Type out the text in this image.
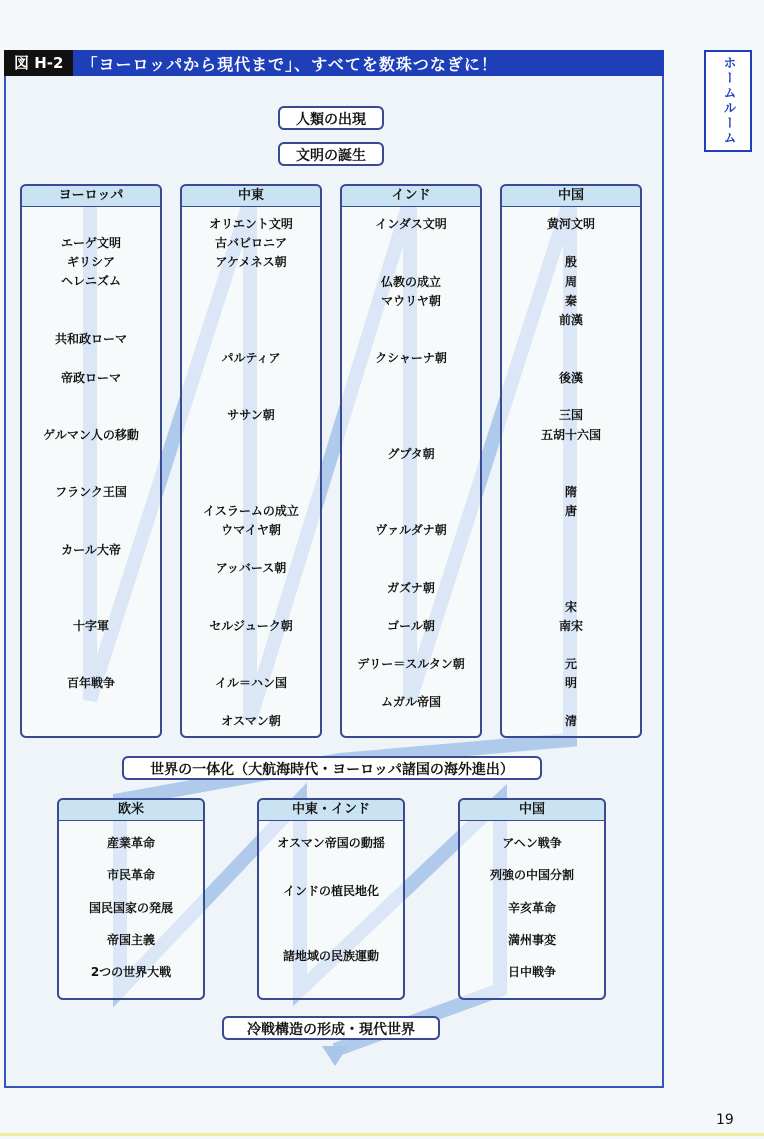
図 H-2	「ヨーロッパから現代まで」、すべてを数珠つなぎに！	ホームルーム
人類の出現
文明の誕生
ヨーロッパ
エーゲ文明
ギリシア
ヘレニズム
共和政ローマ
帝政ローマ
ゲルマン人の移動
フランク王国
カール大帝
十字軍
百年戦争
中東
オリエント文明
古バビロニア
アケメネス朝
パルティア
ササン朝
イスラームの成立
ウマイヤ朝
アッバース朝
セルジューク朝
イル＝ハン国
オスマン朝
インド
インダス文明
仏教の成立
マウリヤ朝
クシャーナ朝
グプタ朝
ヴァルダナ朝
ガズナ朝
ゴール朝
デリー＝スルタン朝
ムガル帝国
中国
黄河文明
殷
周
秦
前漢
後漢
三国
五胡十六国
隋
唐
宋
南宋
元
明
清
世界の一体化（大航海時代・ヨーロッパ諸国の海外進出）
欧米
産業革命
市民革命
国民国家の発展
帝国主義
2つの世界大戦
中東・インド
オスマン帝国の動揺
インドの植民地化
諸地域の民族運動
中国
アヘン戦争
列強の中国分割
辛亥革命
満州事変
日中戦争
冷戦構造の形成・現代世界
19
